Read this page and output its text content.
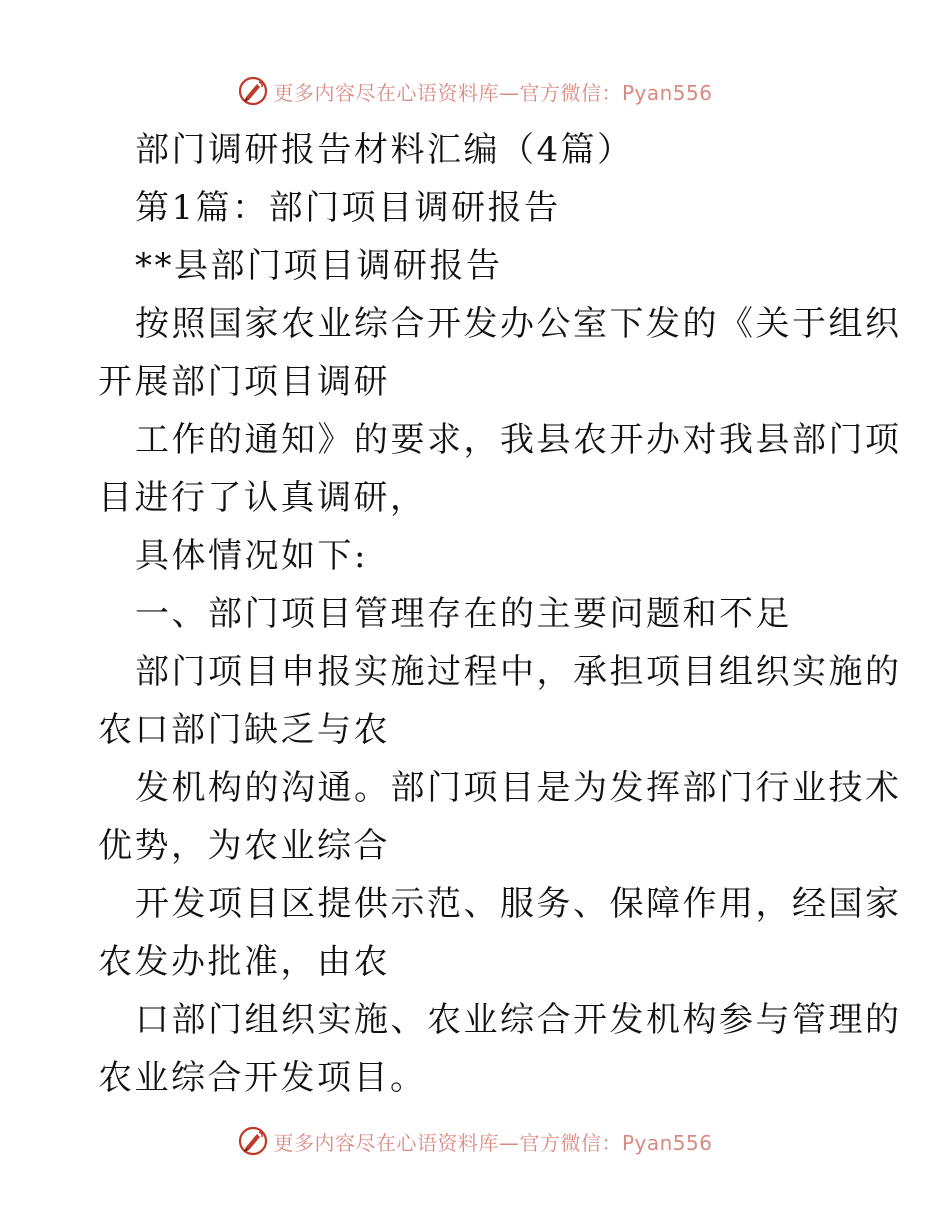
更多内容尽在心语资料库—官方微信：Pyan556
部门调研报告材料汇编（4篇）
第1篇：部门项目调研报告
**县部门项目调研报告
按照国家农业综合开发办公室下发的《关于组织
开展部门项目调研
工作的通知》的要求，我县农开办对我县部门项
目进行了认真调研，
具体情况如下:
一、部门项目管理存在的主要问题和不足
部门项目申报实施过程中，承担项目组织实施的
农口部门缺乏与农
发机构的沟通。部门项目是为发挥部门行业技术
优势，为农业综合
开发项目区提供示范、服务、保障作用，经国家
农发办批准，由农
口部门组织实施、农业综合开发机构参与管理的
农业综合开发项目。
更多内容尽在心语资料库—官方微信：Pyan556
